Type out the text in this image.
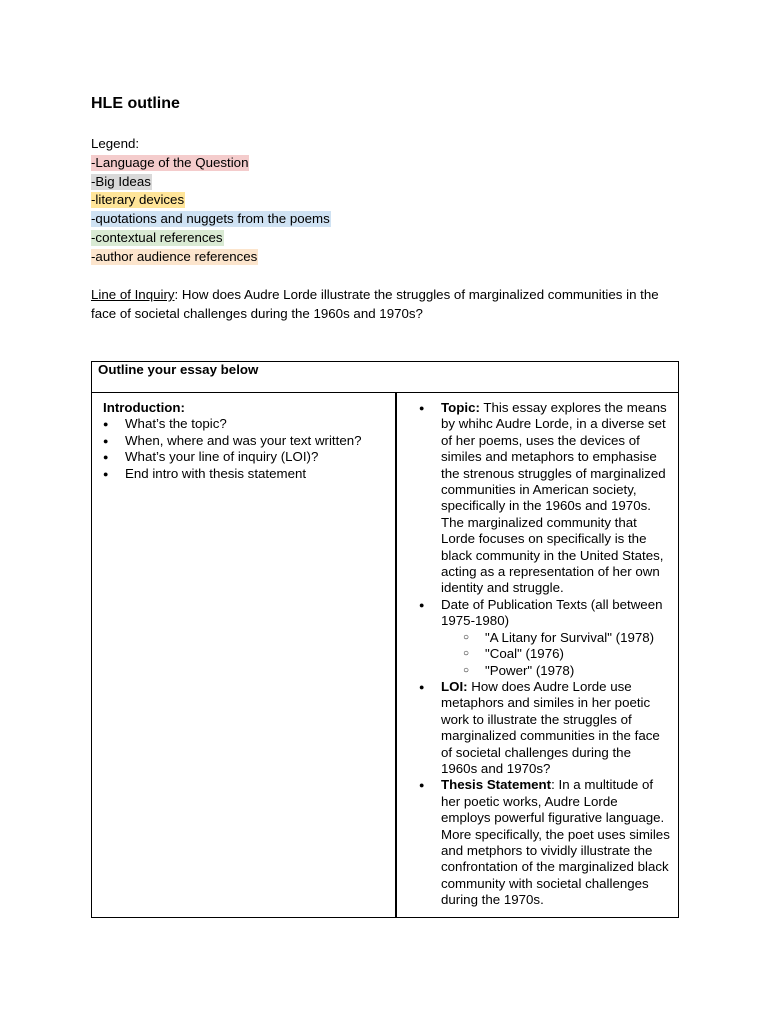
HLE outline
Legend:
-Language of the Question
-Big Ideas
-literary devices
-quotations and nuggets from the poems
-contextual references
-author audience references
Line of Inquiry: How does Audre Lorde illustrate the struggles of marginalized communities in the face of societal challenges during the 1960s and 1970s?
Outline your essay below

Introduction:
● What’s the topic?
● When, where and was your text written?
● What’s your line of inquiry (LOI)?
● End intro with thesis statement

● Topic: This essay explores the means by whihc Audre Lorde, in a diverse set of her poems, uses the devices of similes and metaphors to emphasise the strenous struggles of marginalized communities in American society, specifically in the 1960s and 1970s. The marginalized community that Lorde focuses on specifically is the black community in the United States, acting as a representation of her own identity and struggle.
● Date of Publication Texts (all between 1975-1980)
○ "A Litany for Survival" (1978)
○ "Coal" (1976)
○ "Power" (1978)
● LOI: How does Audre Lorde use metaphors and similes in her poetic work to illustrate the struggles of marginalized communities in the face of societal challenges during the 1960s and 1970s?
● Thesis Statement: In a multitude of her poetic works, Audre Lorde employs powerful figurative language. More specifically, the poet uses similes and metphors to vividly illustrate the confrontation of the marginalized black community with societal challenges during the 1970s.
